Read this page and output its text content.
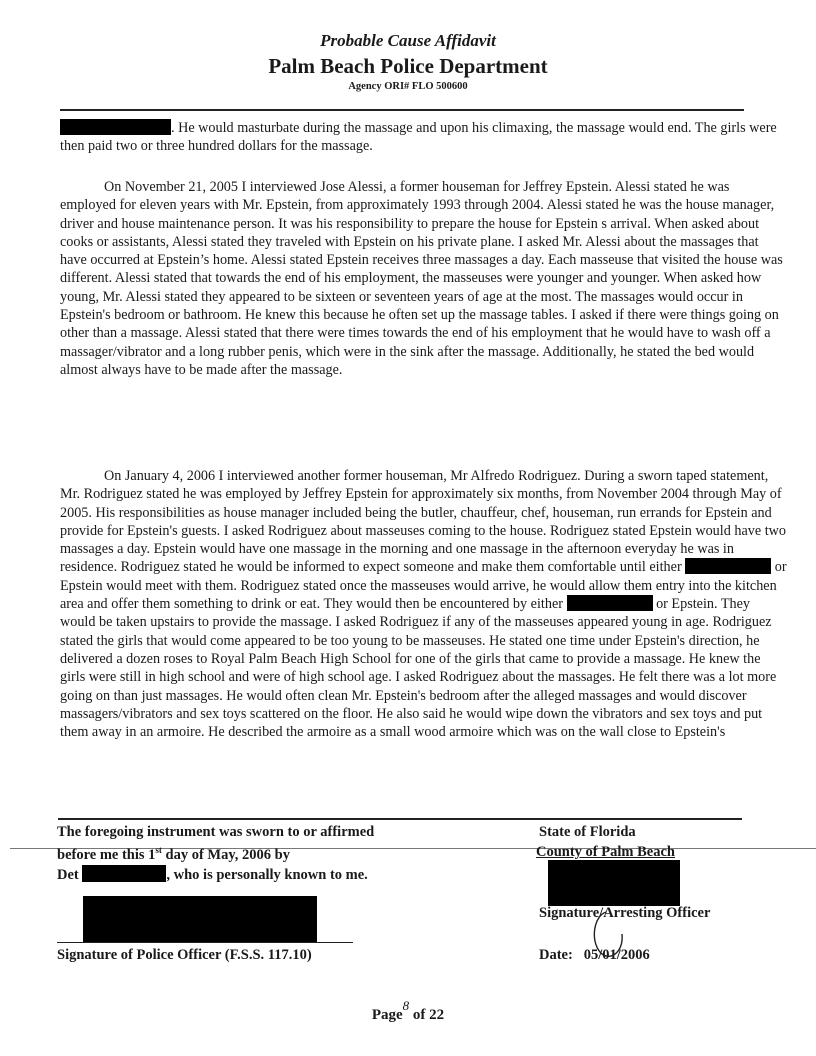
Probable Cause Affidavit
Palm Beach Police Department
Agency ORI# FLO 500600

. He would masturbate during the massage and upon his climaxing, the massage would end. The girls were then paid two or three hundred dollars for the massage.

On November 21, 2005 I interviewed Jose Alessi, a former houseman for Jeffrey Epstein. Alessi stated he was employed for eleven years with Mr. Epstein, from approximately 1993 through 2004. Alessi stated he was the house manager, driver and house maintenance person. It was his responsibility to prepare the house for Epstein s arrival. When asked about cooks or assistants, Alessi stated they traveled with Epstein on his private plane. I asked Mr. Alessi about the massages that have occurred at Epstein’s home. Alessi stated Epstein receives three massages a day. Each masseuse that visited the house was different. Alessi stated that towards the end of his employment, the masseuses were younger and younger. When asked how young, Mr. Alessi stated they appeared to be sixteen or seventeen years of age at the most. The massages would occur in Epstein's bedroom or bathroom. He knew this because he often set up the massage tables. I asked if there were things going on other than a massage. Alessi stated that there were times towards the end of his employment that he would have to wash off a massager/vibrator and a long rubber penis, which were in the sink after the massage. Additionally, he stated the bed would almost always have to be made after the massage.

On January 4, 2006 I interviewed another former houseman, Mr Alfredo Rodriguez. During a sworn taped statement, Mr. Rodriguez stated he was employed by Jeffrey Epstein for approximately six months, from November 2004 through May of 2005. His responsibilities as house manager included being the butler, chauffeur, chef, houseman, run errands for Epstein and provide for Epstein's guests. I asked Rodriguez about masseuses coming to the house. Rodriguez stated Epstein would have two massages a day. Epstein would have one massage in the morning and one massage in the afternoon everyday he was in residence. Rodriguez stated he would be informed to expect someone and make them comfortable until either	or Epstein would meet with them. Rodriguez stated once the masseuses would arrive, he would allow them entry into the kitchen area and offer them something to drink or eat. They would then be encountered by either	or Epstein. They would be taken upstairs to provide the massage. I asked Rodriguez if any of the masseuses appeared young in age. Rodriguez stated the girls that would come appeared to be too young to be masseuses. He stated one time under Epstein's direction, he delivered a dozen roses to Royal Palm Beach High School for one of the girls that came to provide a massage. He knew the girls were still in high school and were of high school age. I asked Rodriguez about the massages. He felt there was a lot more going on than just massages. He would often clean Mr. Epstein's bedroom after the alleged massages and would discover massagers/vibrators and sex toys scattered on the floor. He also said he would wipe down the vibrators and sex toys and put them away in an armoire. He described the armoire as a small wood armoire which was on the wall close to Epstein's

The foregoing instrument was sworn to or affirmed
before me this 1st day of May, 2006 by
Det	, who is personally known to me.
Signature of Police Officer (F.S.S. 117.10)
State of Florida
County of Palm Beach
Signature/Arresting Officer
Date: 05/01/2006
Page8 of 22
